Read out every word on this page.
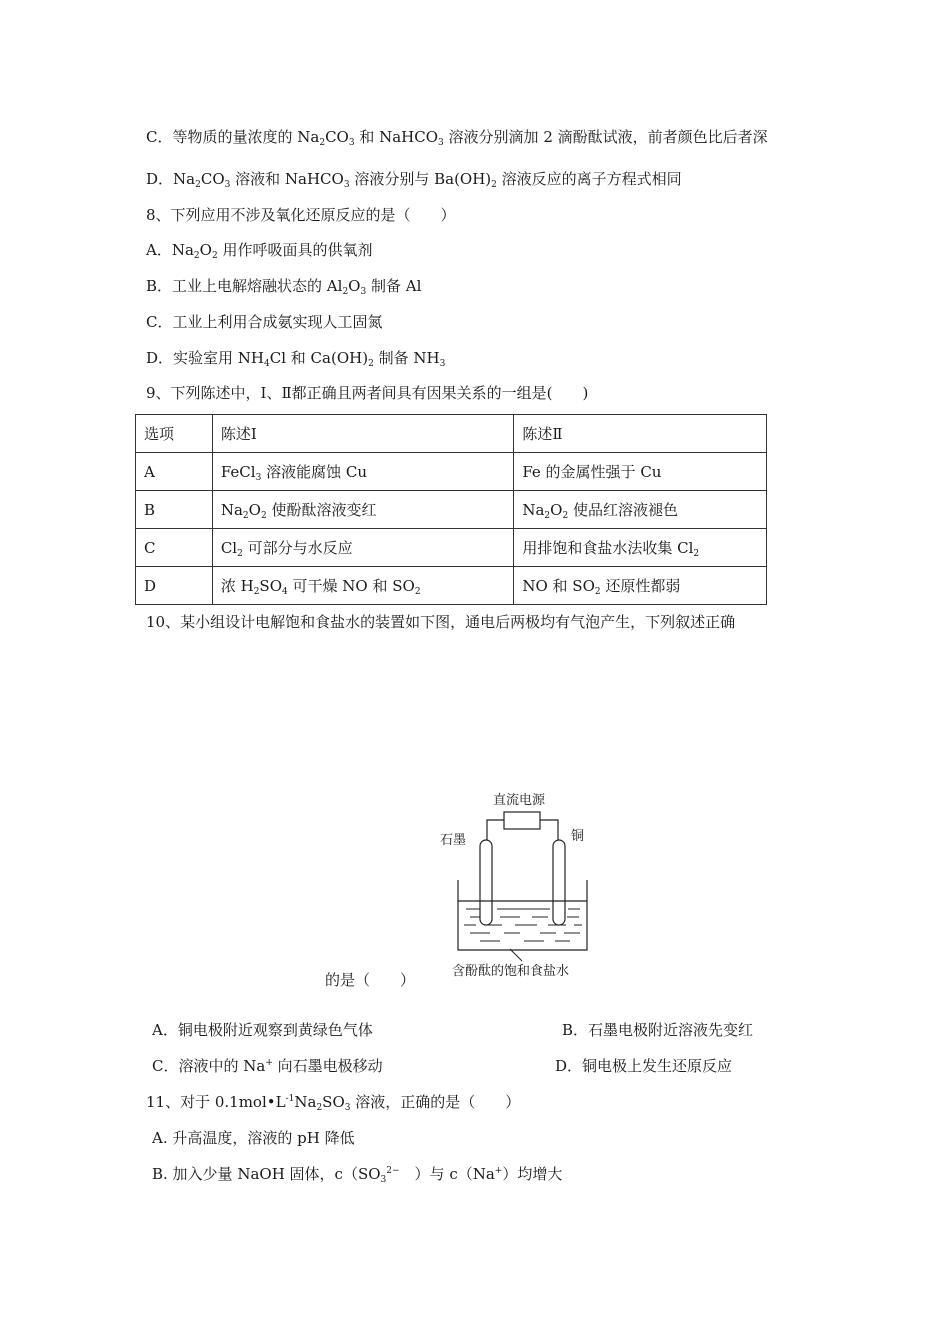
C．等物质的量浓度的 $Na_2CO_3$ 和 NaHCO$_3$ 溶液分别滴加 2 滴酚酞试液，前者颜色比后者深
D．$Na_2CO_3$ 溶液和 NaHCO$_3$ 溶液分别与 $Ba(OH)_2$ 溶液反应的离子方程式相同
8、下列应用不涉及氧化还原反应的是（　　）
A．$Na_2O_2$ 用作呼吸面具的供氧剂
B．工业上电解熔融状态的 $Al_2O_3$ 制备 Al
C．工业上利用合成氨实现人工固氮
D．实验室用 $NH_4Cl$ 和 $Ca(OH)_2$ 制备 $NH_3$
9、下列陈述中，Ⅰ、Ⅱ都正确且两者间具有因果关系的一组是(　　)
选项	陈述Ⅰ	陈述Ⅱ
A	FeCl$_3$ 溶液能腐蚀 Cu	Fe 的金属性强于 Cu
B	$Na_2O_2$ 使酚酞溶液变红	$Na_2O_2$ 使品红溶液褪色
C	$Cl_2$ 可部分与水反应	用排饱和食盐水法收集 $Cl_2$
D	浓 $H_2SO_4$ 可干燥 NO 和 $SO_2$	NO 和 $SO_2$ 还原性都弱
10、某小组设计电解饱和食盐水的装置如下图，通电后两极均有气泡产生，下列叙述正确
直流电源
石墨	铜
含酚酞的饱和食盐水
的是（　　）
A．铜电极附近观察到黄绿色气体	B．石墨电极附近溶液先变红
C．溶液中的 Na+ 向石墨电极移动	D．铜电极上发生还原反应
11、对于 $0.1mol•L^{-1}Na_2SO_3$ 溶液，正确的是（　　）
A. 升高温度，溶液的 pH 降低
B. 加入少量 NaOH 固体，$c(SO_3^{2-}$　）与 c（Na+）均增大
